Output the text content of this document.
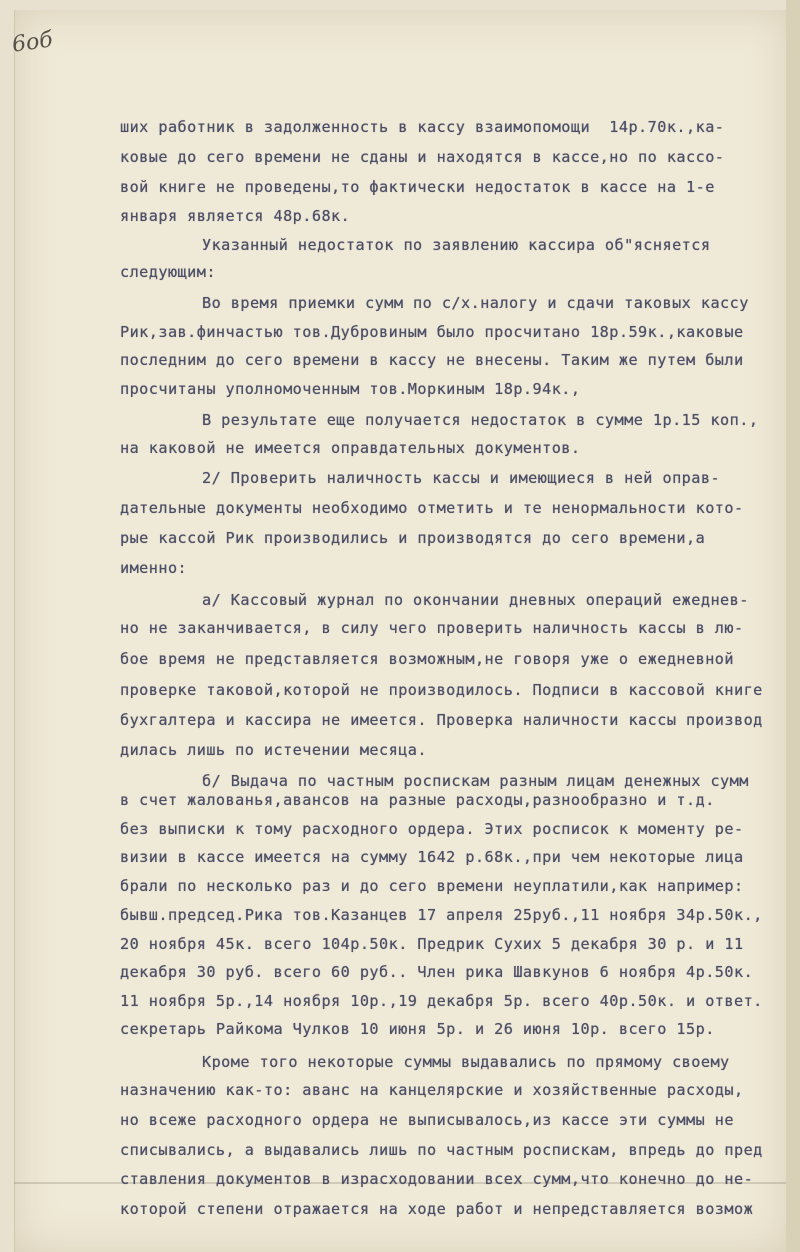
6об
ших работник в задолженность в кассу взаимопомощи  14р.70к.,ка-
ковые до сего времени не сданы и находятся в кассе,но по кассо-
вой книге не проведены,то фактически недостаток в кассе на 1-е
января является 48р.68к.
Указанный недостаток по заявлению кассира об"ясняется
следующим:
Во время приемки сумм по с/х.налогу и сдачи таковых кассу
Рик,зав.финчастью тов.Дубровиным было просчитано 18р.59к.,каковые
последним до сего времени в кассу не внесены. Таким же путем были
просчитаны уполномоченным тов.Моркиным 18р.94к.,
В результате еще получается недостаток в сумме 1р.15 коп.,
на каковой не имеется оправдательных документов.
2/ Проверить наличность кассы и имеющиеся в ней оправ-
дательные документы необходимо отметить и те ненормальности кото-
рые кассой Рик производились и производятся до сего времени,а
именно:
а/ Кассовый журнал по окончании дневных операций ежеднев-
но не заканчивается, в силу чего проверить наличность кассы в лю-
бое время не представляется возможным,не говоря уже о ежедневной
проверке таковой,которой не производилось. Подписи в кассовой книге
бухгалтера и кассира не имеется. Проверка наличности кассы производ
дилась лишь по истечении месяца.
б/ Выдача по частным роспискам разным лицам денежных сумм
в счет жалованья,авансов на разные расходы,разнообразно и т.д.
без выписки к тому расходного ордера. Этих росписок к моменту ре-
визии в кассе имеется на сумму 1642 р.68к.,при чем некоторые лица
брали по несколько раз и до сего времени неуплатили,как например:
бывш.председ.Рика тов.Казанцев 17 апреля 25руб.,11 ноября 34р.50к.,
20 ноября 45к. всего 104р.50к. Предрик Сухих 5 декабря 30 р. и 11
декабря 30 руб. всего 60 руб.. Член рика Шавкунов 6 ноября 4р.50к.
11 ноября 5р.,14 ноября 10р.,19 декабря 5р. всего 40р.50к. и ответ.
секретарь Райкома Чулков 10 июня 5р. и 26 июня 10р. всего 15р.
Кроме того некоторые суммы выдавались по прямому своему
назначению как-то: аванс на канцелярские и хозяйственные расходы,
но всеже расходного ордера не выписывалось,из кассе эти суммы не
списывались, а выдавались лишь по частным роспискам, впредь до пред
ставления документов в израсходовании всех сумм,что конечно до не-
которой степени отражается на ходе работ и непредставляется возмож
